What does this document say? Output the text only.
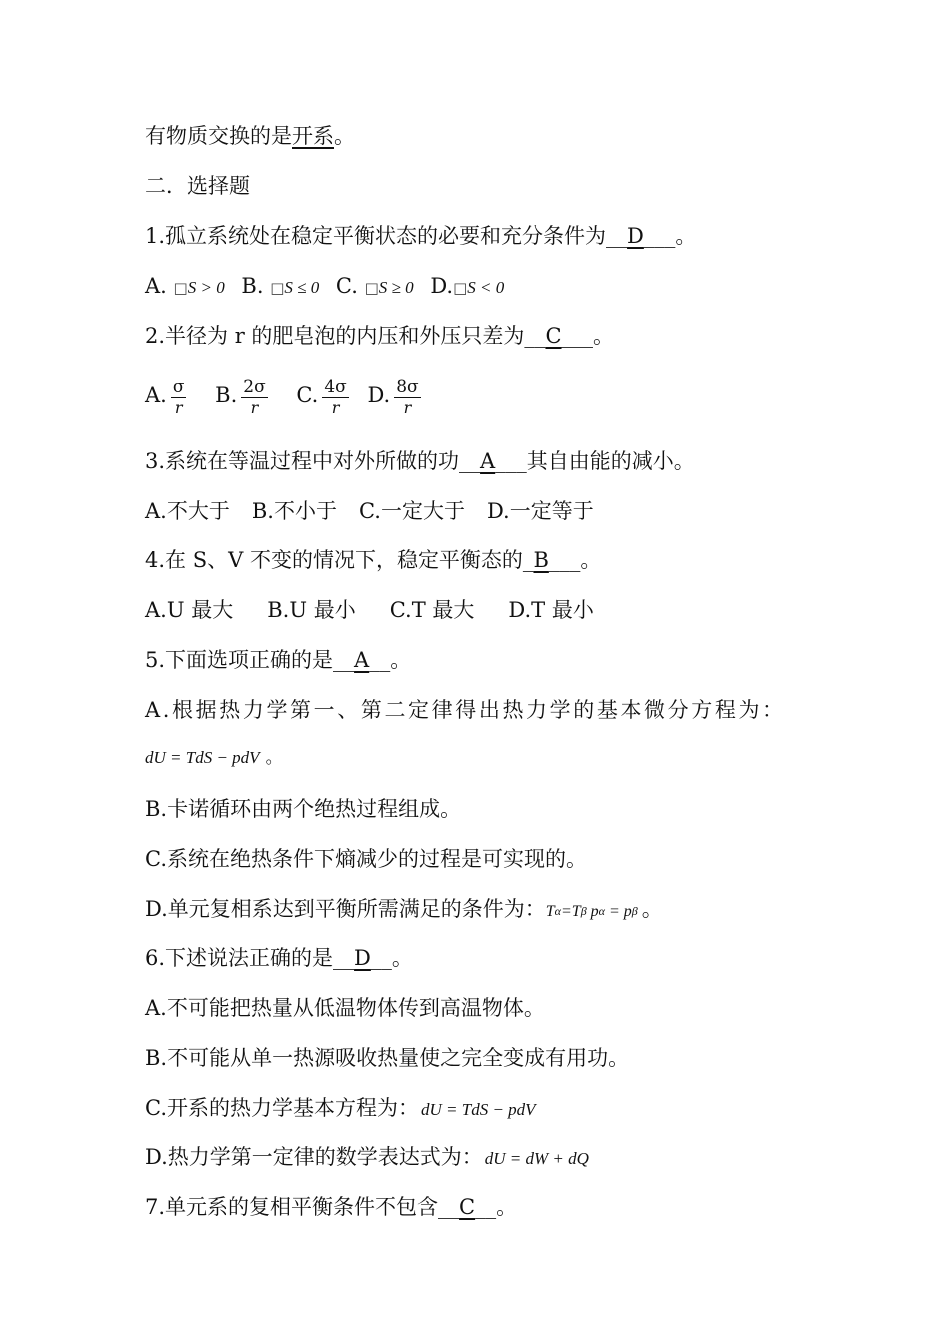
有物质交换的是开系。
二．选择题
1.孤立系统处在稳定平衡状态的必要和充分条件为__D___。
A. □S > 0 B. □S ≤ 0 C. □S ≥ 0 D.□S < 0
2.半径为 r 的肥皂泡的内压和外压只差为__C___。
A. $\frac{\sigma}{r} B$. $\frac{2\sigma}{r} C$. $\frac{4\sigma}{r} D$. $\frac{8\sigma}{r}$
3.系统在等温过程中对外所做的功__A___其自由能的减小。
A.不大于 B.不小于 C.一定大于 D.一定等于
4.在 S、V 不变的情况下，稳定平衡态的_B___。
A.U 最大 B.U 最小 C.T 最大 D.T 最小
5.下面选项正确的是__A__。
A.根据热力学第一、第二定律得出热力学的基本微分方程为：
dU = TdS − pdV 。
B.卡诺循环由两个绝热过程组成。
C.系统在绝热条件下熵减少的过程是可实现的。
D.单元复相系达到平衡所需满足的条件为：Tα=Tβ pα = pβ 。
6.下述说法正确的是__D__。
A.不可能把热量从低温物体传到高温物体。
B.不可能从单一热源吸收热量使之完全变成有用功。
C.开系的热力学基本方程为： dU = TdS − pdV
D.热力学第一定律的数学表达式为： dU = dW + dQ
7.单元系的复相平衡条件不包含__C__。
